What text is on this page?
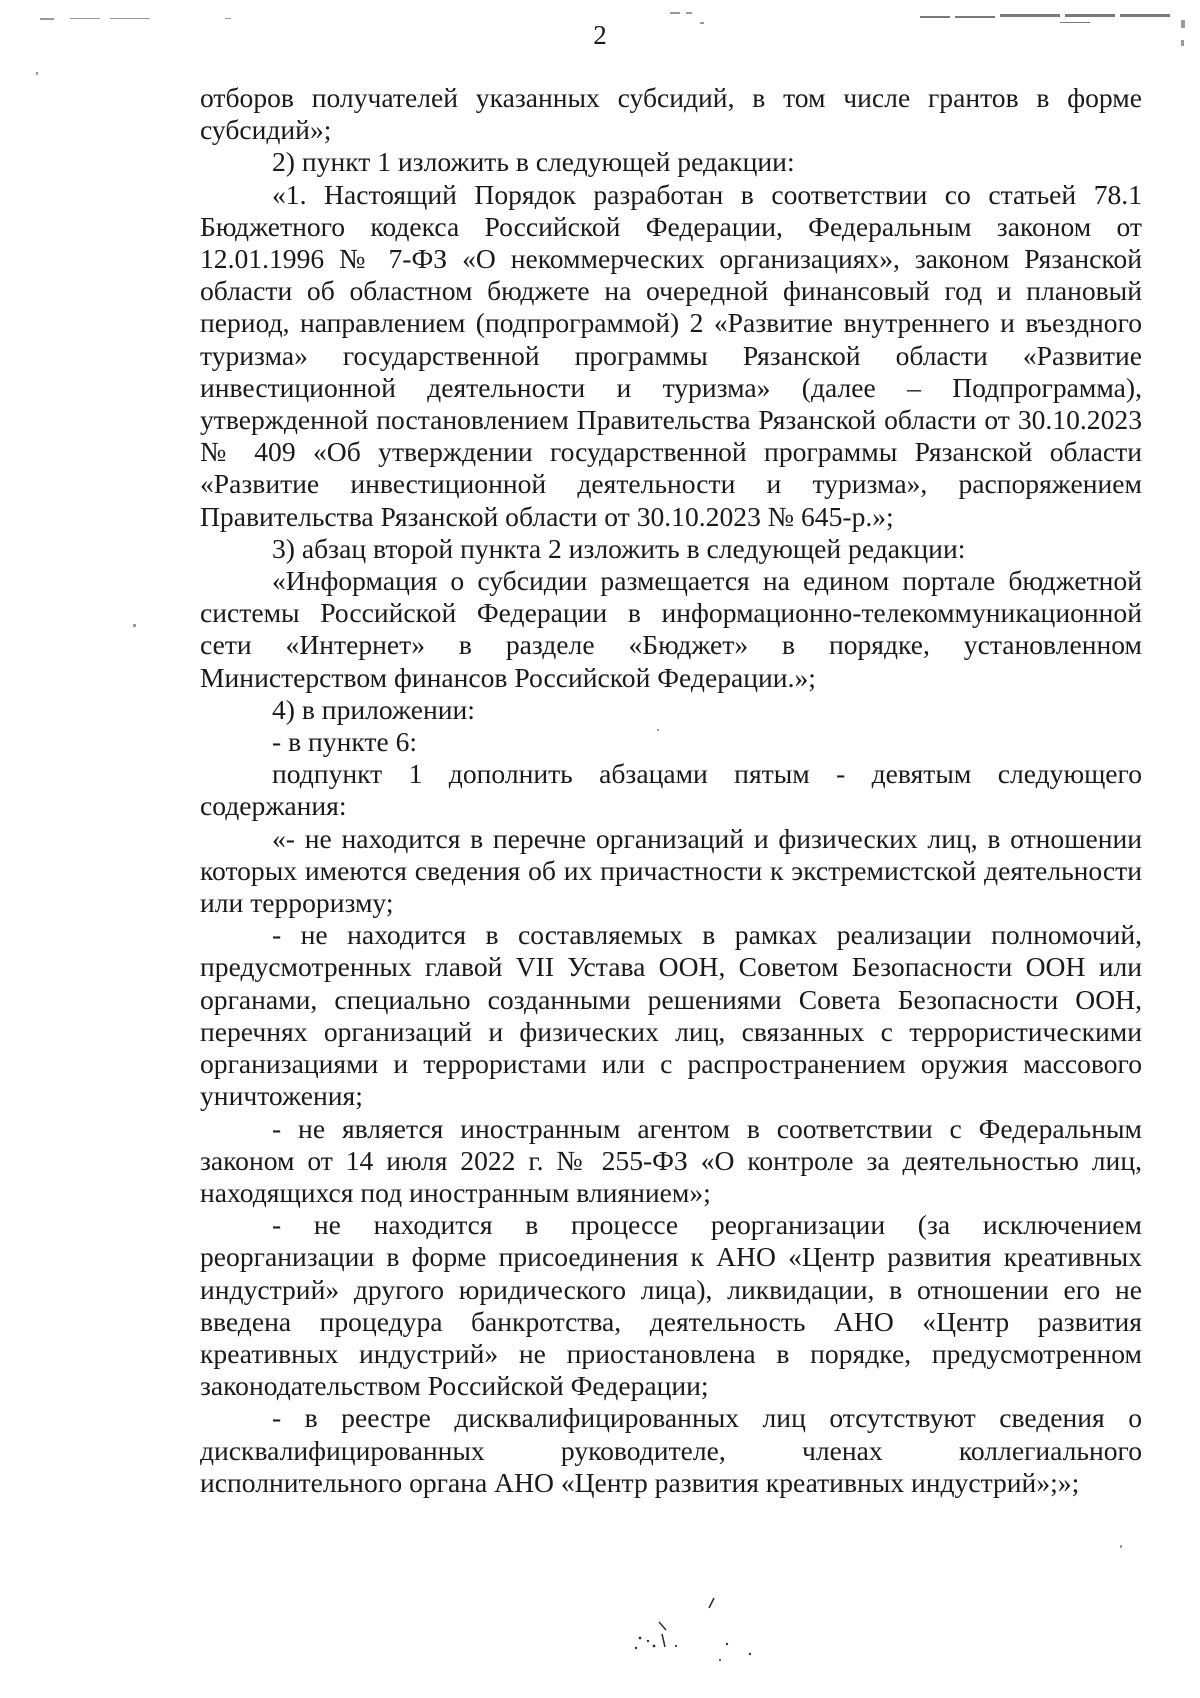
2

отборов получателей указанных субсидий, в том числе грантов в форме субсидий»;

2) пункт 1 изложить в следующей редакции:

«1. Настоящий Порядок разработан в соответствии со статьей 78.1 Бюджетного кодекса Российской Федерации, Федеральным законом от 12.01.1996 № 7-ФЗ «О некоммерческих организациях», законом Рязанской области об областном бюджете на очередной финансовый год и плановый период, направлением (подпрограммой) 2 «Развитие внутреннего и въездного туризма» государственной программы Рязанской области «Развитие инвестиционной деятельности и туризма» (далее – Подпрограмма), утвержденной постановлением Правительства Рязанской области от 30.10.2023 № 409 «Об утверждении государственной программы Рязанской области «Развитие инвестиционной деятельности и туризма», распоряжением Правительства Рязанской области от 30.10.2023 № 645-р.»;

3) абзац второй пункта 2 изложить в следующей редакции:

«Информация о субсидии размещается на едином портале бюджетной системы Российской Федерации в информационно-телекоммуникационной сети «Интернет» в разделе «Бюджет» в порядке, установленном Министерством финансов Российской Федерации.»;

4) в приложении:

- в пункте 6:

подпункт 1 дополнить абзацами пятым - девятым следующего содержания:

«- не находится в перечне организаций и физических лиц, в отношении которых имеются сведения об их причастности к экстремистской деятельности или терроризму;

- не находится в составляемых в рамках реализации полномочий, предусмотренных главой VII Устава ООН, Советом Безопасности ООН или органами, специально созданными решениями Совета Безопасности ООН, перечнях организаций и физических лиц, связанных с террористическими организациями и террористами или с распространением оружия массового уничтожения;

- не является иностранным агентом в соответствии с Федеральным законом от 14 июля 2022 г. № 255-ФЗ «О контроле за деятельностью лиц, находящихся под иностранным влиянием»;

- не находится в процессе реорганизации (за исключением реорганизации в форме присоединения к АНО «Центр развития креативных индустрий» другого юридического лица), ликвидации, в отношении его не введена процедура банкротства, деятельность АНО «Центр развития креативных индустрий» не приостановлена в порядке, предусмотренном законодательством Российской Федерации;

- в реестре дисквалифицированных лиц отсутствуют сведения о дисквалифицированных руководителе, членах коллегиального исполнительного органа АНО «Центр развития креативных индустрий»;»;
